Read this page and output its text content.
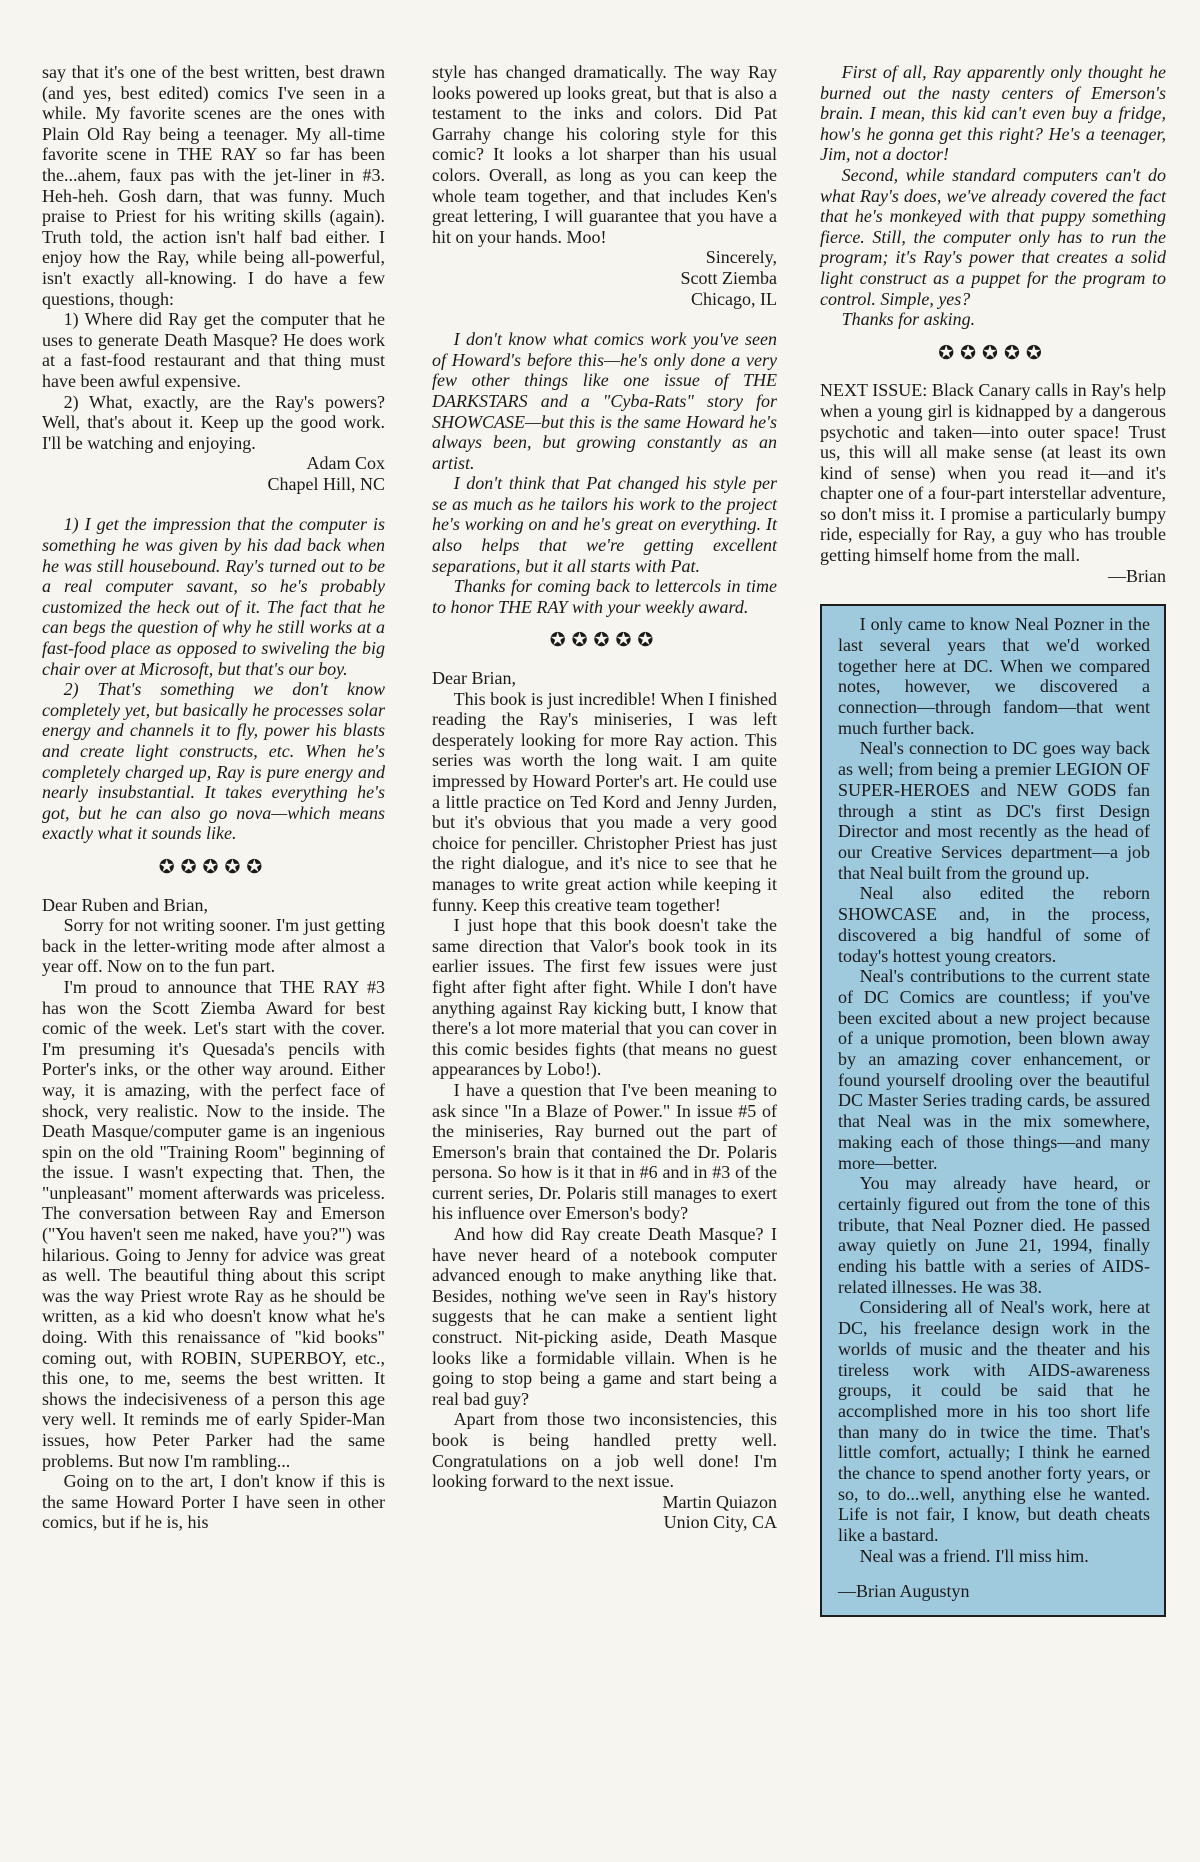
say that it's one of the best written, best drawn (and yes, best edited) comics I've seen in a while. My favorite scenes are the ones with Plain Old Ray being a teenager. My all-time favorite scene in THE RAY so far has been the...ahem, faux pas with the jet-liner in #3. Heh-heh. Gosh darn, that was funny. Much praise to Priest for his writing skills (again). Truth told, the action isn't half bad either. I enjoy how the Ray, while being all-powerful, isn't exactly all-knowing. I do have a few questions, though:

1) Where did Ray get the computer that he uses to generate Death Masque? He does work at a fast-food restaurant and that thing must have been awful expensive.

2) What, exactly, are the Ray's powers? Well, that's about it. Keep up the good work. I'll be watching and enjoying.

Adam Cox

Chapel Hill, NC

1) I get the impression that the computer is something he was given by his dad back when he was still housebound. Ray's turned out to be a real computer savant, so he's probably customized the heck out of it. The fact that he can begs the question of why he still works at a fast-food place as opposed to swiveling the big chair over at Microsoft, but that's our boy.

2) That's something we don't know completely yet, but basically he processes solar energy and channels it to fly, power his blasts and create light constructs, etc. When he's completely charged up, Ray is pure energy and nearly insubstantial. It takes everything he's got, but he can also go nova—which means exactly what it sounds like.

✪✪✪✪✪

Dear Ruben and Brian,

Sorry for not writing sooner. I'm just getting back in the letter-writing mode after almost a year off. Now on to the fun part.

I'm proud to announce that THE RAY #3 has won the Scott Ziemba Award for best comic of the week. Let's start with the cover. I'm presuming it's Quesada's pencils with Porter's inks, or the other way around. Either way, it is amazing, with the perfect face of shock, very realistic. Now to the inside. The Death Masque/computer game is an ingenious spin on the old "Training Room" beginning of the issue. I wasn't expecting that. Then, the "unpleasant" moment afterwards was priceless. The conversation between Ray and Emerson ("You haven't seen me naked, have you?") was hilarious. Going to Jenny for advice was great as well. The beautiful thing about this script was the way Priest wrote Ray as he should be written, as a kid who doesn't know what he's doing. With this renaissance of "kid books" coming out, with ROBIN, SUPERBOY, etc., this one, to me, seems the best written. It shows the indecisiveness of a person this age very well. It reminds me of early Spider-Man issues, how Peter Parker had the same problems. But now I'm rambling...

Going on to the art, I don't know if this is the same Howard Porter I have seen in other comics, but if he is, his

style has changed dramatically. The way Ray looks powered up looks great, but that is also a testament to the inks and colors. Did Pat Garrahy change his coloring style for this comic? It looks a lot sharper than his usual colors. Overall, as long as you can keep the whole team together, and that includes Ken's great lettering, I will guarantee that you have a hit on your hands. Moo!

Sincerely,

Scott Ziemba

Chicago, IL

I don't know what comics work you've seen of Howard's before this—he's only done a very few other things like one issue of THE DARKSTARS and a "Cyba-Rats" story for SHOWCASE—but this is the same Howard he's always been, but growing constantly as an artist.

I don't think that Pat changed his style per se as much as he tailors his work to the project he's working on and he's great on everything. It also helps that we're getting excellent separations, but it all starts with Pat.

Thanks for coming back to lettercols in time to honor THE RAY with your weekly award.

✪✪✪✪✪

Dear Brian,

This book is just incredible! When I finished reading the Ray's miniseries, I was left desperately looking for more Ray action. This series was worth the long wait. I am quite impressed by Howard Porter's art. He could use a little practice on Ted Kord and Jenny Jurden, but it's obvious that you made a very good choice for penciller. Christopher Priest has just the right dialogue, and it's nice to see that he manages to write great action while keeping it funny. Keep this creative team together!

I just hope that this book doesn't take the same direction that Valor's book took in its earlier issues. The first few issues were just fight after fight after fight. While I don't have anything against Ray kicking butt, I know that there's a lot more material that you can cover in this comic besides fights (that means no guest appearances by Lobo!).

I have a question that I've been meaning to ask since "In a Blaze of Power." In issue #5 of the miniseries, Ray burned out the part of Emerson's brain that contained the Dr. Polaris persona. So how is it that in #6 and in #3 of the current series, Dr. Polaris still manages to exert his influence over Emerson's body?

And how did Ray create Death Masque? I have never heard of a notebook computer advanced enough to make anything like that. Besides, nothing we've seen in Ray's history suggests that he can make a sentient light construct. Nit-picking aside, Death Masque looks like a formidable villain. When is he going to stop being a game and start being a real bad guy?

Apart from those two inconsistencies, this book is being handled pretty well. Congratulations on a job well done! I'm looking forward to the next issue.

Martin Quiazon

Union City, CA

First of all, Ray apparently only thought he burned out the nasty centers of Emerson's brain. I mean, this kid can't even buy a fridge, how's he gonna get this right? He's a teenager, Jim, not a doctor!

Second, while standard computers can't do what Ray's does, we've already covered the fact that he's monkeyed with that puppy something fierce. Still, the computer only has to run the program; it's Ray's power that creates a solid light construct as a puppet for the program to control. Simple, yes?

Thanks for asking.

✪✪✪✪✪

NEXT ISSUE: Black Canary calls in Ray's help when a young girl is kidnapped by a dangerous psychotic and taken—into outer space! Trust us, this will all make sense (at least its own kind of sense) when you read it—and it's chapter one of a four-part interstellar adventure, so don't miss it. I promise a particularly bumpy ride, especially for Ray, a guy who has trouble getting himself home from the mall.

—Brian

I only came to know Neal Pozner in the last several years that we'd worked together here at DC. When we compared notes, however, we discovered a connection—through fandom—that went much further back.

Neal's connection to DC goes way back as well; from being a premier LEGION OF SUPER-HEROES and NEW GODS fan through a stint as DC's first Design Director and most recently as the head of our Creative Services department—a job that Neal built from the ground up.

Neal also edited the reborn SHOWCASE and, in the process, discovered a big handful of some of today's hottest young creators.

Neal's contributions to the current state of DC Comics are countless; if you've been excited about a new project because of a unique promotion, been blown away by an amazing cover enhancement, or found yourself drooling over the beautiful DC Master Series trading cards, be assured that Neal was in the mix somewhere, making each of those things—and many more—better.

You may already have heard, or certainly figured out from the tone of this tribute, that Neal Pozner died. He passed away quietly on June 21, 1994, finally ending his battle with a series of AIDS-related illnesses. He was 38.

Considering all of Neal's work, here at DC, his freelance design work in the worlds of music and the theater and his tireless work with AIDS-awareness groups, it could be said that he accomplished more in his too short life than many do in twice the time. That's little comfort, actually; I think he earned the chance to spend another forty years, or so, to do...well, anything else he wanted. Life is not fair, I know, but death cheats like a bastard.

Neal was a friend. I'll miss him.

—Brian Augustyn
